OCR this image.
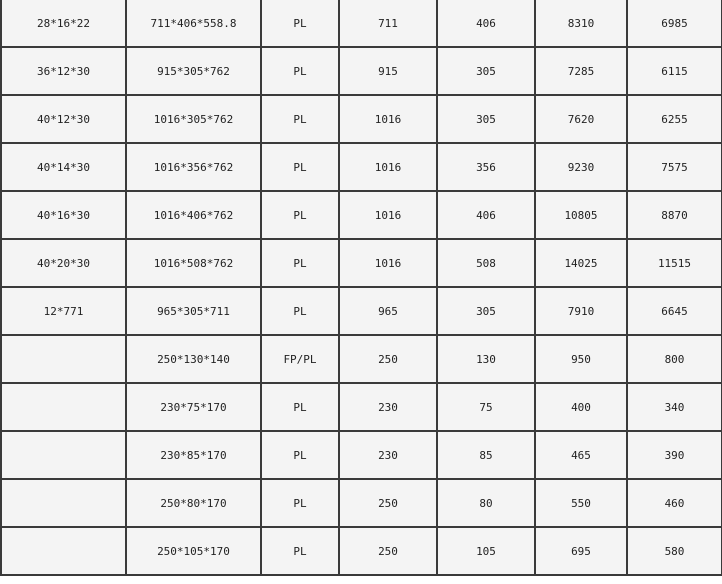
28*16*22	711*406*558.8	PL	711	406	8310	6985
36*12*30	915*305*762	PL	915	305	7285	6115
40*12*30	1016*305*762	PL	1016	305	7620	6255
40*14*30	1016*356*762	PL	1016	356	9230	7575
40*16*30	1016*406*762	PL	1016	406	10805	8870
40*20*30	1016*508*762	PL	1016	508	14025	11515
12*771	965*305*711	PL	965	305	7910	6645
	250*130*140	FP/PL	250	130	950	800
	230*75*170	PL	230	75	400	340
	230*85*170	PL	230	85	465	390
	250*80*170	PL	250	80	550	460
	250*105*170	PL	250	105	695	580
